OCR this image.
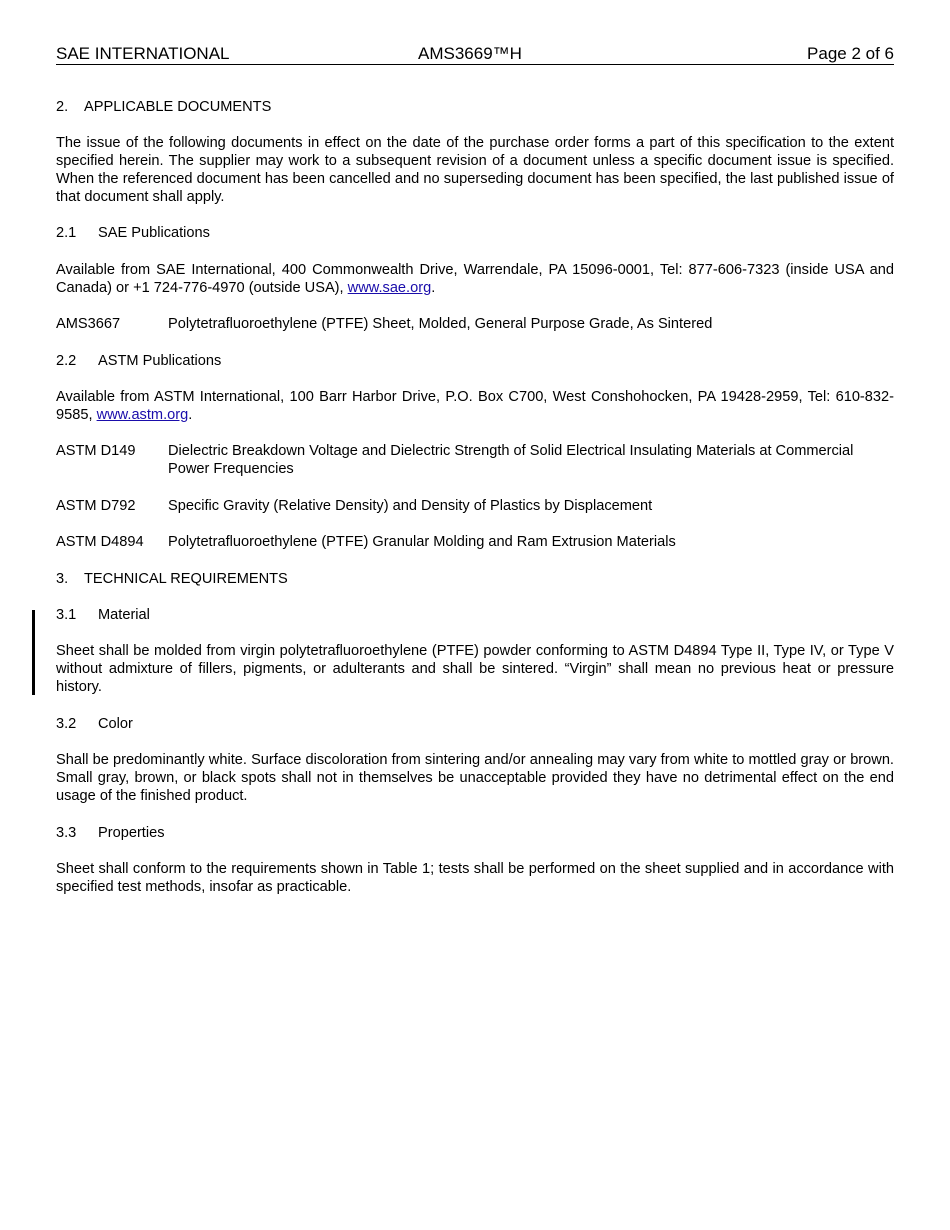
SAE INTERNATIONAL	AMS3669™H	Page 2 of 6
2. APPLICABLE DOCUMENTS
The issue of the following documents in effect on the date of the purchase order forms a part of this specification to the extent specified herein. The supplier may work to a subsequent revision of a document unless a specific document issue is specified. When the referenced document has been cancelled and no superseding document has been specified, the last published issue of that document shall apply.
2.1 SAE Publications
Available from SAE International, 400 Commonwealth Drive, Warrendale, PA 15096-0001, Tel: 877-606-7323 (inside USA and Canada) or +1 724-776-4970 (outside USA), www.sae.org.
AMS3667	Polytetrafluoroethylene (PTFE) Sheet, Molded, General Purpose Grade, As Sintered
2.2 ASTM Publications
Available from ASTM International, 100 Barr Harbor Drive, P.O. Box C700, West Conshohocken, PA 19428-2959, Tel: 610-832-9585, www.astm.org.
ASTM D149 Dielectric Breakdown Voltage and Dielectric Strength of Solid Electrical Insulating Materials at Commercial Power Frequencies
ASTM D792 Specific Gravity (Relative Density) and Density of Plastics by Displacement
ASTM D4894 Polytetrafluoroethylene (PTFE) Granular Molding and Ram Extrusion Materials
3. TECHNICAL REQUIREMENTS
3.1 Material
Sheet shall be molded from virgin polytetrafluoroethylene (PTFE) powder conforming to ASTM D4894 Type II, Type IV, or Type V without admixture of fillers, pigments, or adulterants and shall be sintered. “Virgin” shall mean no previous heat or pressure history.
3.2 Color
Shall be predominantly white. Surface discoloration from sintering and/or annealing may vary from white to mottled gray or brown. Small gray, brown, or black spots shall not in themselves be unacceptable provided they have no detrimental effect on the end usage of the finished product.
3.3 Properties
Sheet shall conform to the requirements shown in Table 1; tests shall be performed on the sheet supplied and in accordance with specified test methods, insofar as practicable.
